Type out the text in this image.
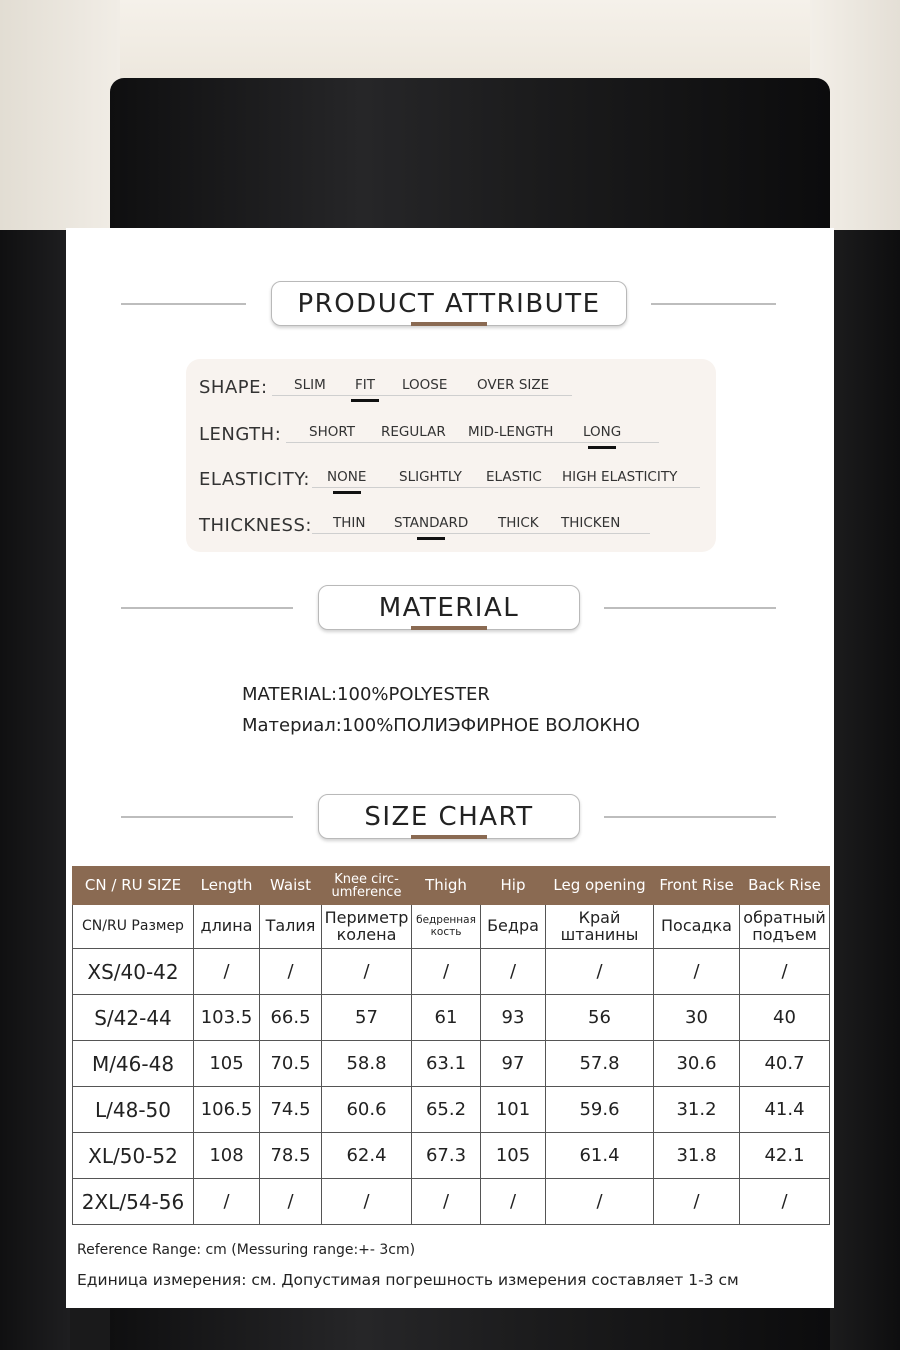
PRODUCT ATTRIBUTE
SHAPE: SLIM FIT LOOSE OVER SIZE
LENGTH: SHORT REGULAR MID-LENGTH LONG
ELASTICITY: NONE SLIGHTLY ELASTIC HIGH ELASTICITY
THICKNESS: THIN STANDARD THICK THICKEN
MATERIAL
MATERIAL:100%POLYESTER
Материал:100%ПОЛИЭФИРНОЕ ВОЛОКНО
SIZE CHART
CN / RU SIZE	Length	Waist	Knee circ-umference	Thigh	Hip	Leg opening	Front Rise	Back Rise
CN/RU Размер	длина	Талия	Периметр колена	бедренная кость	Бедра	Край штанины	Посадка	обратный подъем
XS/40-42	/	/	/	/	/	/	/	/
S/42-44	103.5	66.5	57	61	93	56	30	40
M/46-48	105	70.5	58.8	63.1	97	57.8	30.6	40.7
L/48-50	106.5	74.5	60.6	65.2	101	59.6	31.2	41.4
XL/50-52	108	78.5	62.4	67.3	105	61.4	31.8	42.1
2XL/54-56	/	/	/	/	/	/	/	/
Reference Range: cm (Messuring range:+- 3cm)
Единица измерения: см. Допустимая погрешность измерения составляет 1-3 см
